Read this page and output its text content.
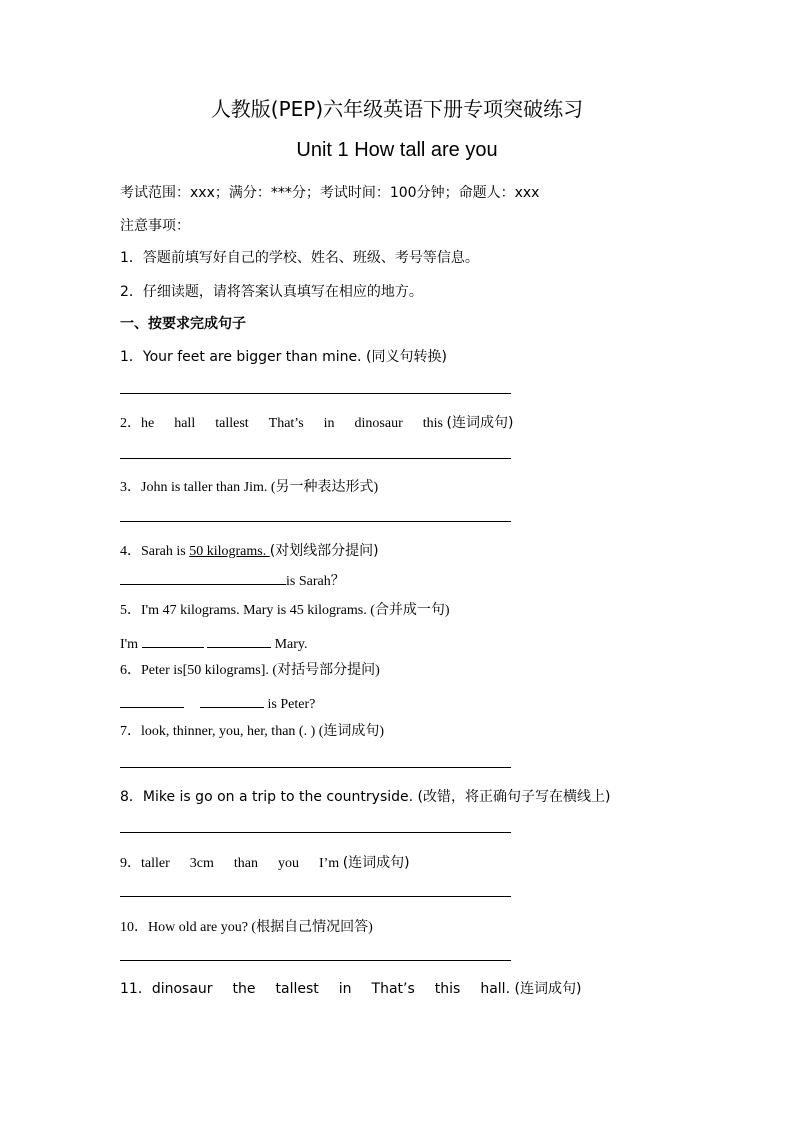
人教版(PEP)六年级英语下册专项突破练习
Unit 1 How tall are you
考试范围：xxx；满分：***分；考试时间：100分钟；命题人：xxx
注意事项：
1．答题前填写好自己的学校、姓名、班级、考号等信息。
2．仔细读题，请将答案认真填写在相应的地方。
一、按要求完成句子
1．Your feet are bigger than mine. (同义句转换)
2．he hall tallest That’s in dinosaur this (连词成句)
3．John is taller than Jim. (另一种表达形式)
4．Sarah is 50 kilograms. (对划线部分提问)
is Sarah？
5．I'm 47 kilograms. Mary is 45 kilograms. (合并成一句)
I'm	Mary.
6．Peter is[50 kilograms]. (对括号部分提问)
is Peter?
7．look, thinner, you, her, than (. ) (连词成句)
8．Mike is go on a trip to the countryside. (改错，将正确句子写在横线上)
9．taller 3cm than you I’m (连词成句)
10．How old are you? (根据自己情况回答)
11．dinosaur the tallest in That’s this hall. (连词成句)
